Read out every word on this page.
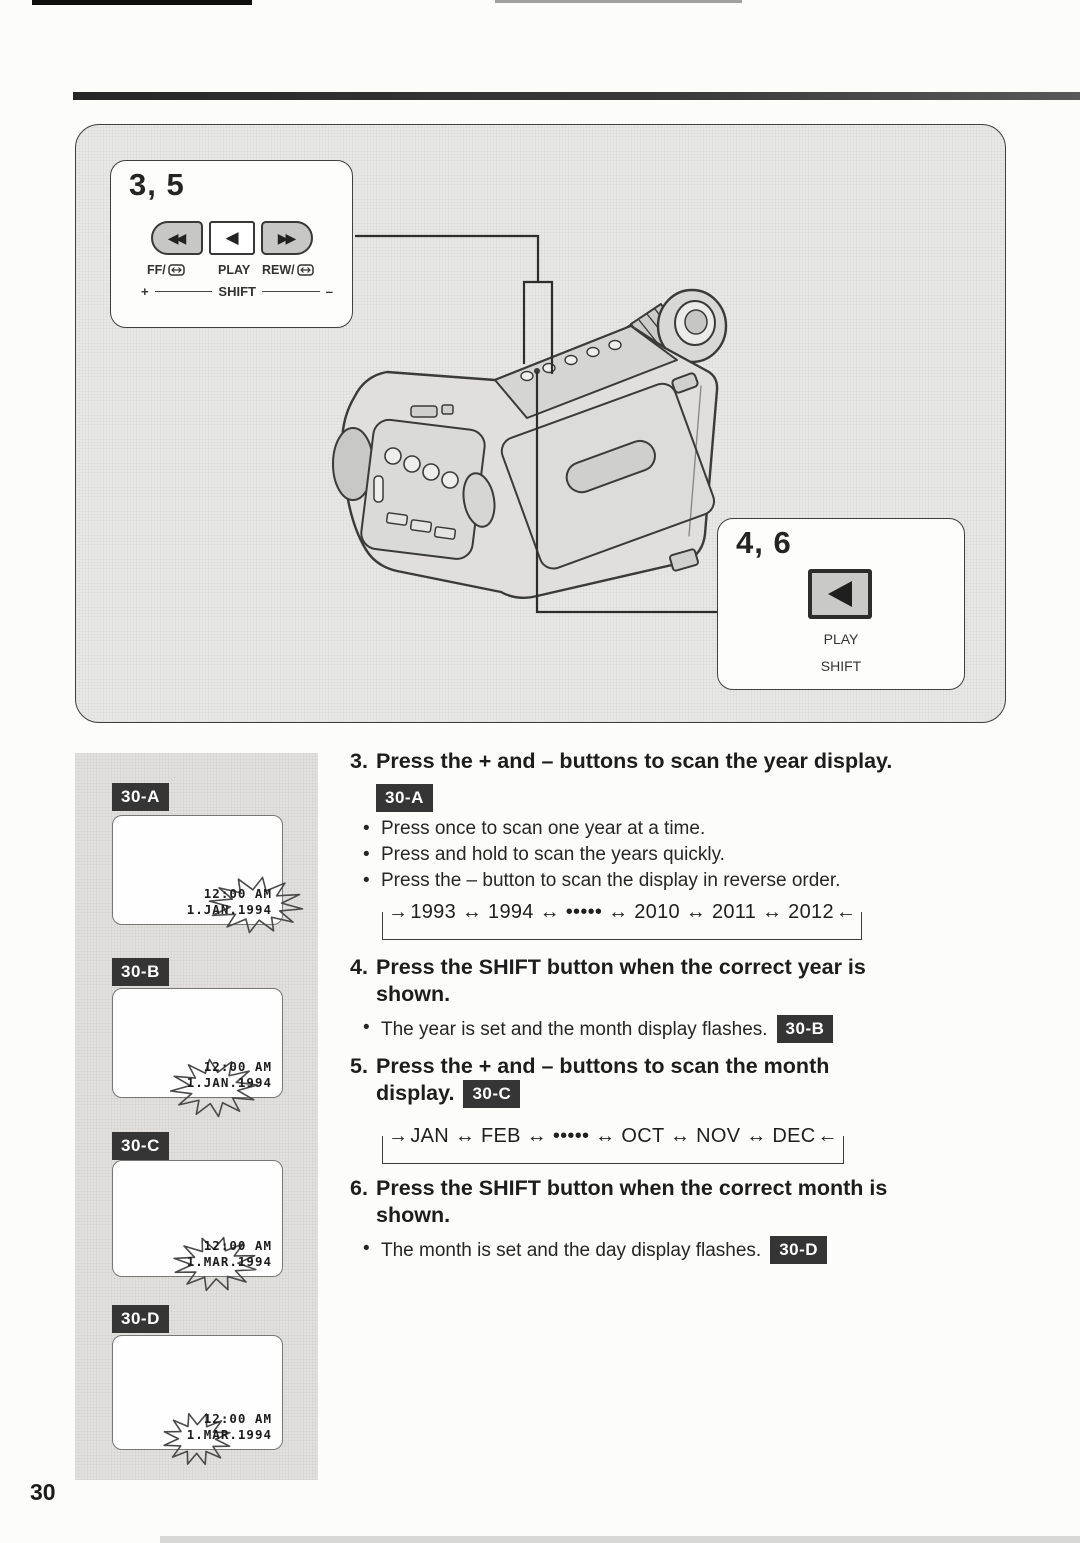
3, 5
◀◀ ◀	▶▶
FF/	PLAY REW/
+	SHIFT	–
4, 6
PLAY
SHIFT
30-A
12:00 AM
1.JAN.1994
30-B
12:00 AM
1.JAN.1994
30-C
12:00 AM
1.MAR.1994
30-D
12:00 AM
1.MAR.1994
3. Press the + and – buttons to scan the year display.
30-A
• Press once to scan one year at a time.
• Press and hold to scan the years quickly.
• Press the – button to scan the display in reverse order.
→ 1993 ↔ 1994 ↔ ••••• ↔ 2010 ↔ 2011 ↔ 2012 ←
4. Press the SHIFT button when the correct year is
shown.
• The year is set and the month display flashes. 30-B
5. Press the + and – buttons to scan the month
display. 30-C
→ JAN ↔ FEB ↔ ••••• ↔ OCT ↔ NOV ↔ DEC ←
6. Press the SHIFT button when the correct month is
shown.
• The month is set and the day display flashes. 30-D
30
